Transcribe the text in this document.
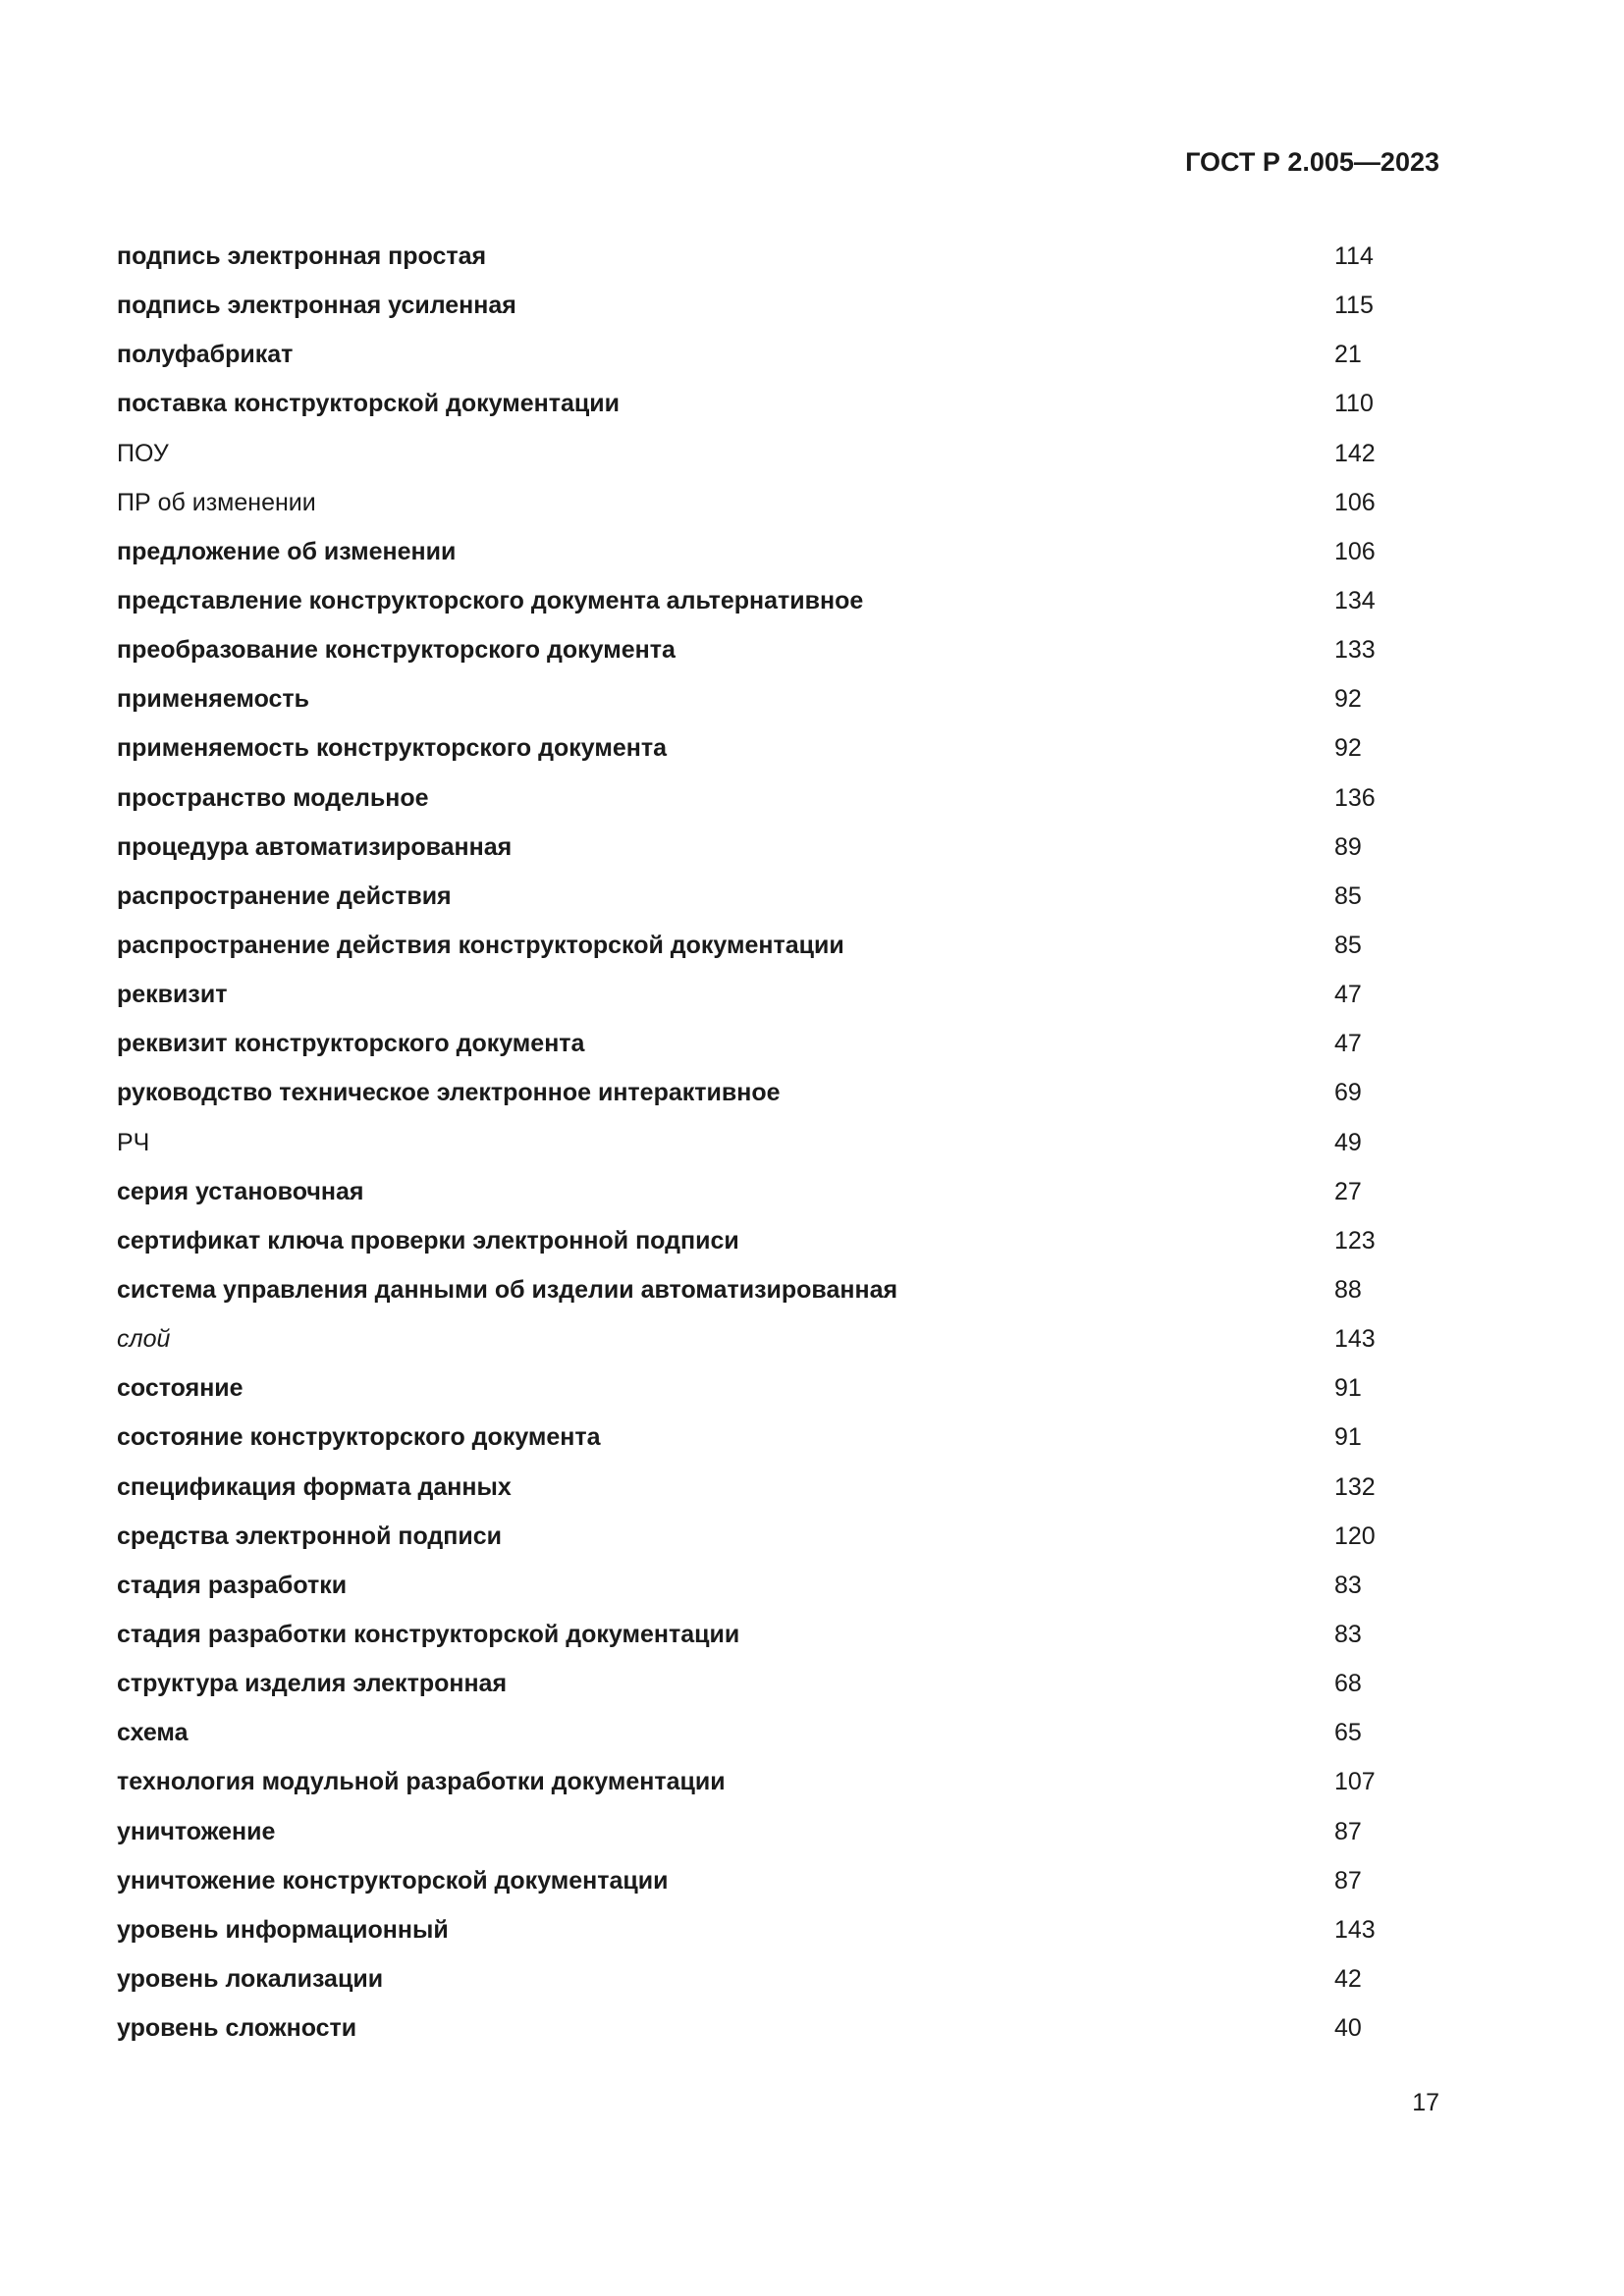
ГОСТ Р 2.005—2023
подпись электронная простая	114
подпись электронная усиленная	115
полуфабрикат	21
поставка конструкторской документации	110
ПОУ	142
ПР об изменении	106
предложение об изменении	106
представление конструкторского документа альтернативное	134
преобразование конструкторского документа	133
применяемость	92
применяемость конструкторского документа	92
пространство модельное	136
процедура автоматизированная	89
распространение действия	85
распространение действия конструкторской документации	85
реквизит	47
реквизит конструкторского документа	47
руководство техническое электронное интерактивное	69
РЧ	49
серия установочная	27
сертификат ключа проверки электронной подписи	123
система управления данными об изделии автоматизированная	88
слой	143
состояние	91
состояние конструкторского документа	91
спецификация формата данных	132
средства электронной подписи	120
стадия разработки	83
стадия разработки конструкторской документации	83
структура изделия электронная	68
схема	65
технология модульной разработки документации	107
уничтожение	87
уничтожение конструкторской документации	87
уровень информационный	143
уровень локализации	42
уровень сложности	40
17
